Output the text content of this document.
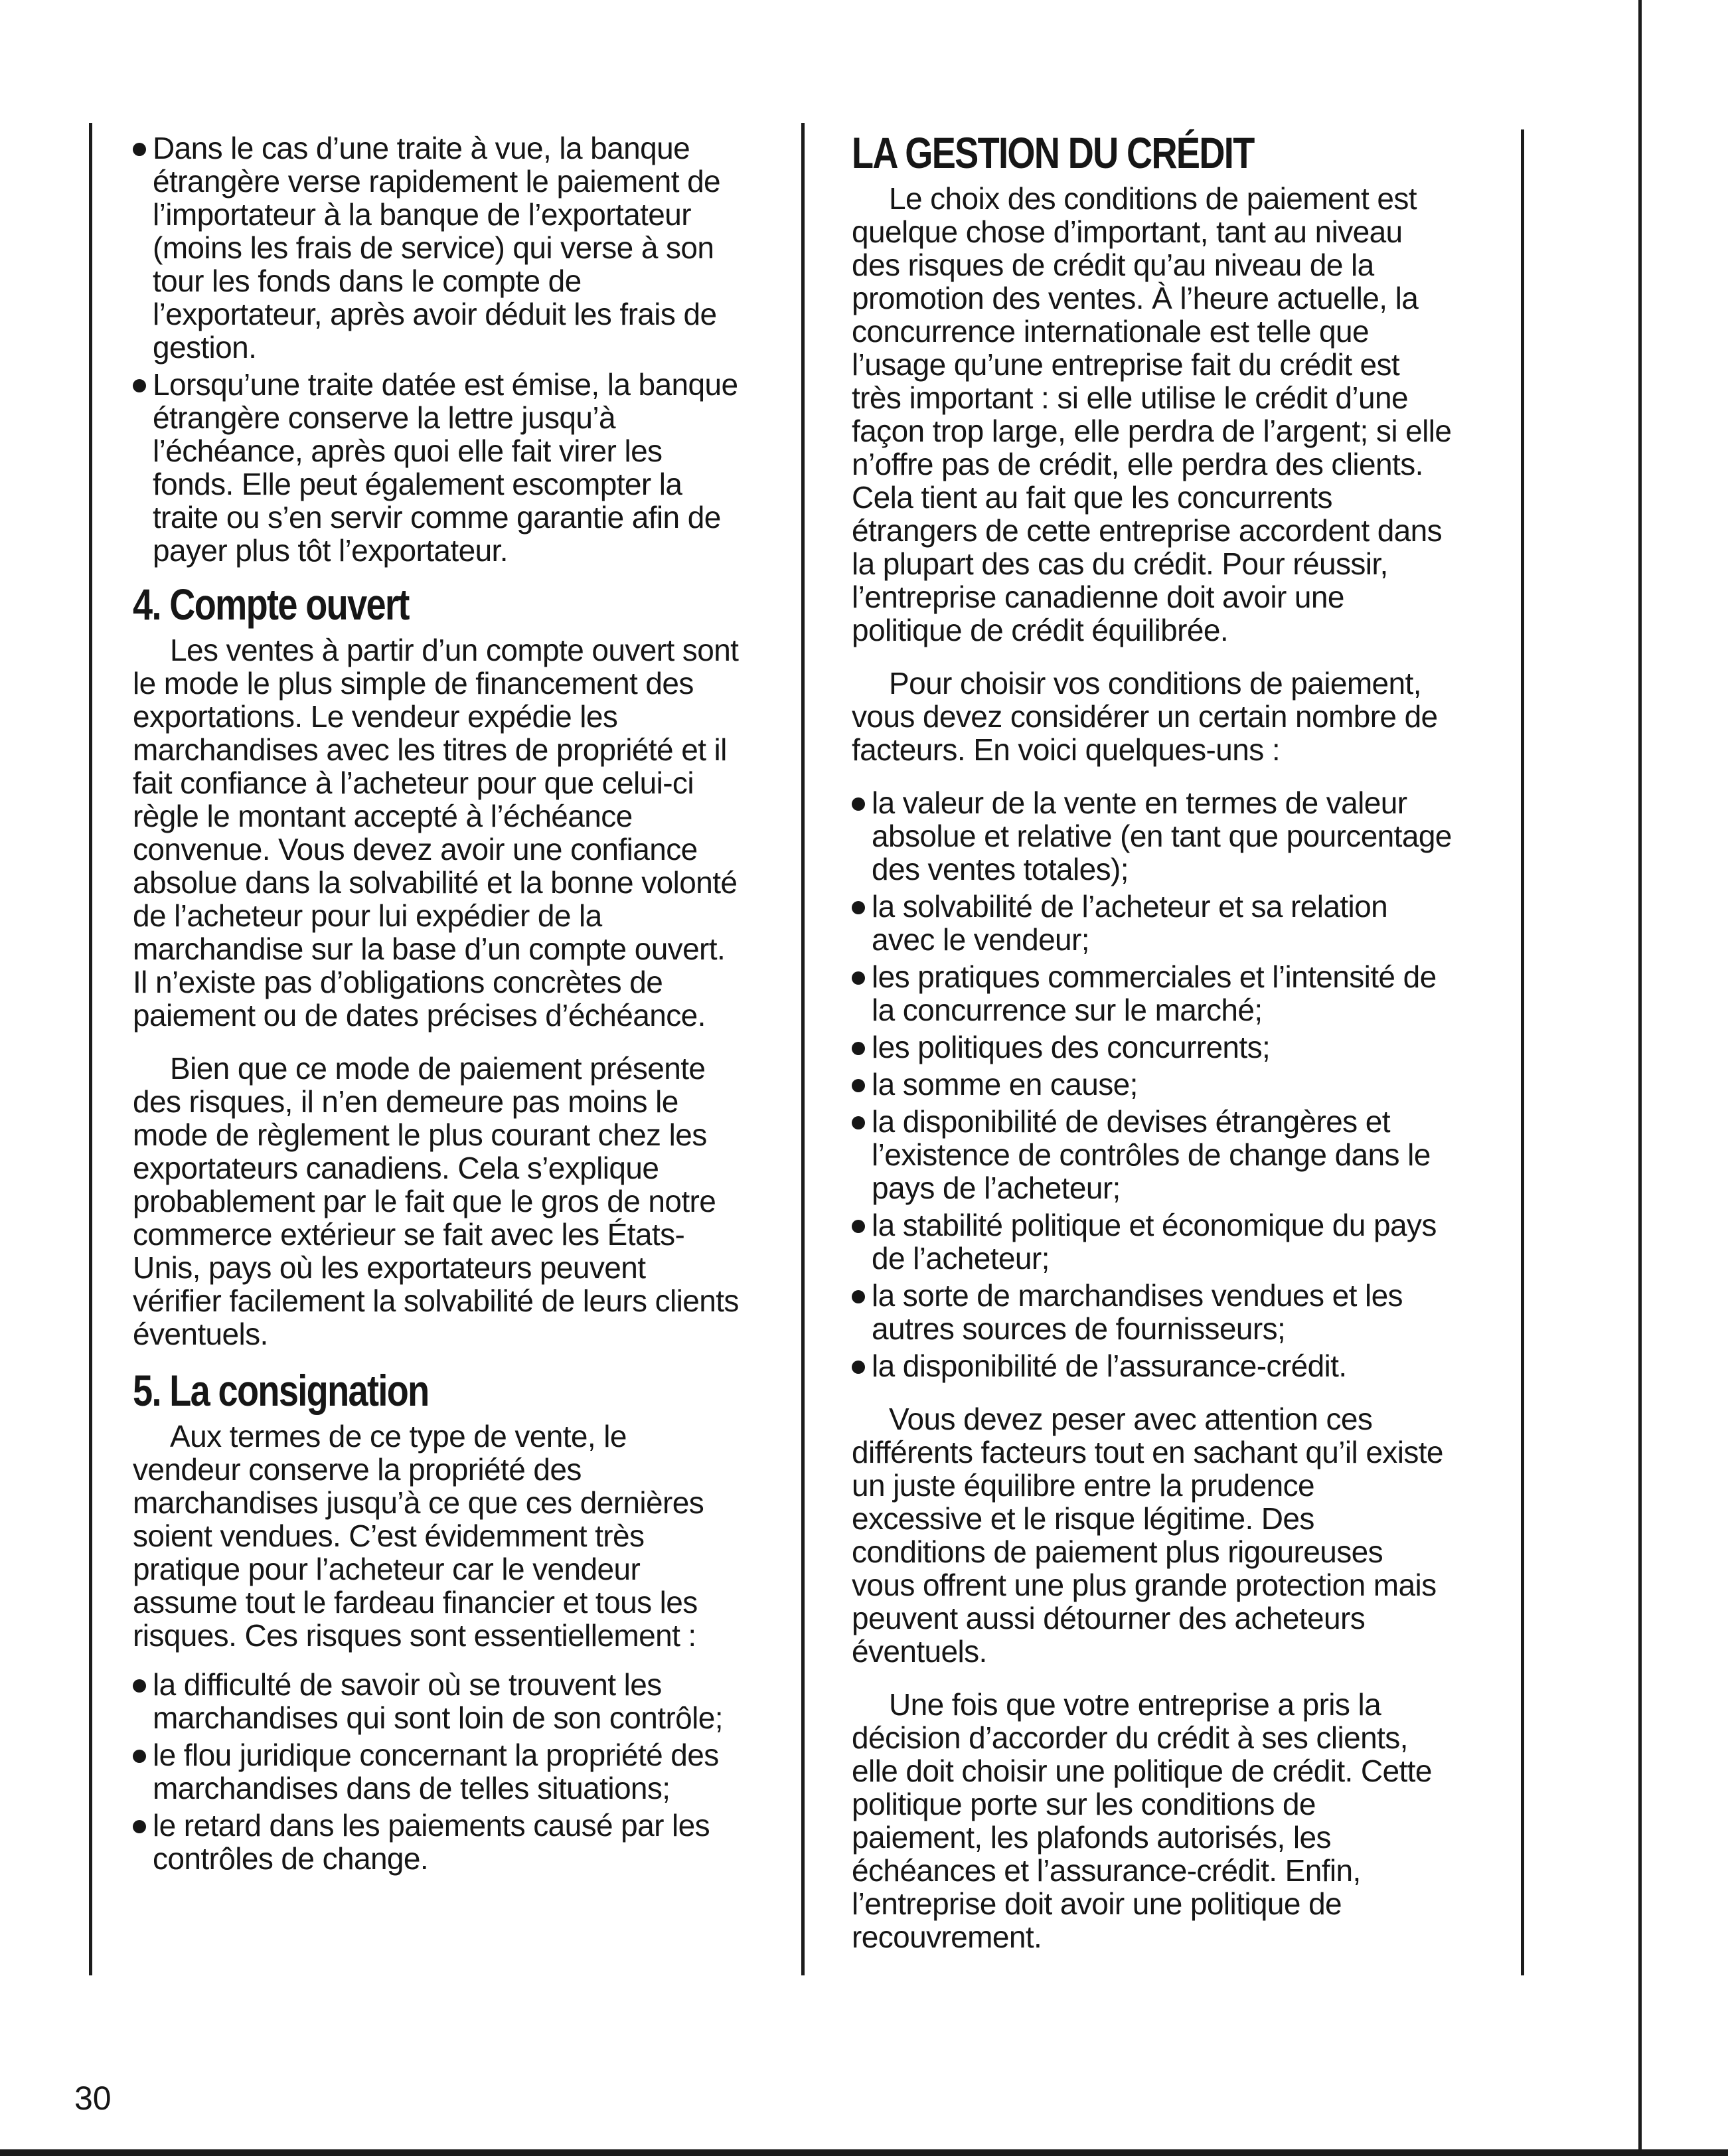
Dans le cas d’une traite à vue, la banque étrangère verse rapidement le paiement de l’importateur à la banque de l’exportateur (moins les frais de service) qui verse à son tour les fonds dans le compte de l’exportateur, après avoir déduit les frais de gestion.
Lorsqu’une traite datée est émise, la banque étrangère conserve la lettre jusqu’à l’échéance, après quoi elle fait virer les fonds. Elle peut également escompter la traite ou s’en servir comme garantie afin de payer plus tôt l’exportateur.
4. Compte ouvert

Les ventes à partir d’un compte ouvert sont le mode le plus simple de financement des exportations. Le vendeur expédie les marchandises avec les titres de propriété et il fait confiance à l’acheteur pour que celui-ci règle le montant accepté à l’échéance convenue. Vous devez avoir une confiance absolue dans la solvabilité et la bonne volonté de l’acheteur pour lui expédier de la marchandise sur la base d’un compte ouvert. Il n’existe pas d’obligations concrètes de paiement ou de dates précises d’échéance.

Bien que ce mode de paiement présente des risques, il n’en demeure pas moins le mode de règlement le plus courant chez les exportateurs canadiens. Cela s’explique probablement par le fait que le gros de notre commerce extérieur se fait avec les États-Unis, pays où les exportateurs peuvent vérifier facilement la solvabilité de leurs clients éventuels.

5. La consignation

Aux termes de ce type de vente, le vendeur conserve la propriété des marchandises jusqu’à ce que ces dernières soient vendues. C’est évidemment très pratique pour l’acheteur car le vendeur assume tout le fardeau financier et tous les risques. Ces risques sont essentiellement :

la difficulté de savoir où se trouvent les marchandises qui sont loin de son contrôle;
le flou juridique concernant la propriété des marchandises dans de telles situations;
le retard dans les paiements causé par les contrôles de change.
LA GESTION DU CRÉDIT

Le choix des conditions de paiement est quelque chose d’important, tant au niveau des risques de crédit qu’au niveau de la promotion des ventes. À l’heure actuelle, la concurrence internationale est telle que l’usage qu’une entreprise fait du crédit est très important : si elle utilise le crédit d’une façon trop large, elle perdra de l’argent; si elle n’offre pas de crédit, elle perdra des clients. Cela tient au fait que les concurrents étrangers de cette entreprise accordent dans la plupart des cas du crédit. Pour réussir, l’entreprise canadienne doit avoir une politique de crédit équilibrée.

Pour choisir vos conditions de paiement, vous devez considérer un certain nombre de facteurs. En voici quelques-uns :

la valeur de la vente en termes de valeur absolue et relative (en tant que pourcentage des ventes totales);
la solvabilité de l’acheteur et sa relation avec le vendeur;
les pratiques commerciales et l’intensité de la concurrence sur le marché;
les politiques des concurrents;
la somme en cause;
la disponibilité de devises étrangères et l’existence de contrôles de change dans le pays de l’acheteur;
la stabilité politique et économique du pays de l’acheteur;
la sorte de marchandises vendues et les autres sources de fournisseurs;
la disponibilité de l’assurance-crédit.

Vous devez peser avec attention ces différents facteurs tout en sachant qu’il existe un juste équilibre entre la prudence excessive et le risque légitime. Des conditions de paiement plus rigoureuses vous offrent une plus grande protection mais peuvent aussi détourner des acheteurs éventuels.

Une fois que votre entreprise a pris la décision d’accorder du crédit à ses clients, elle doit choisir une politique de crédit. Cette politique porte sur les conditions de paiement, les plafonds autorisés, les échéances et l’assurance-crédit. Enfin, l’entreprise doit avoir une politique de recouvrement.

30
